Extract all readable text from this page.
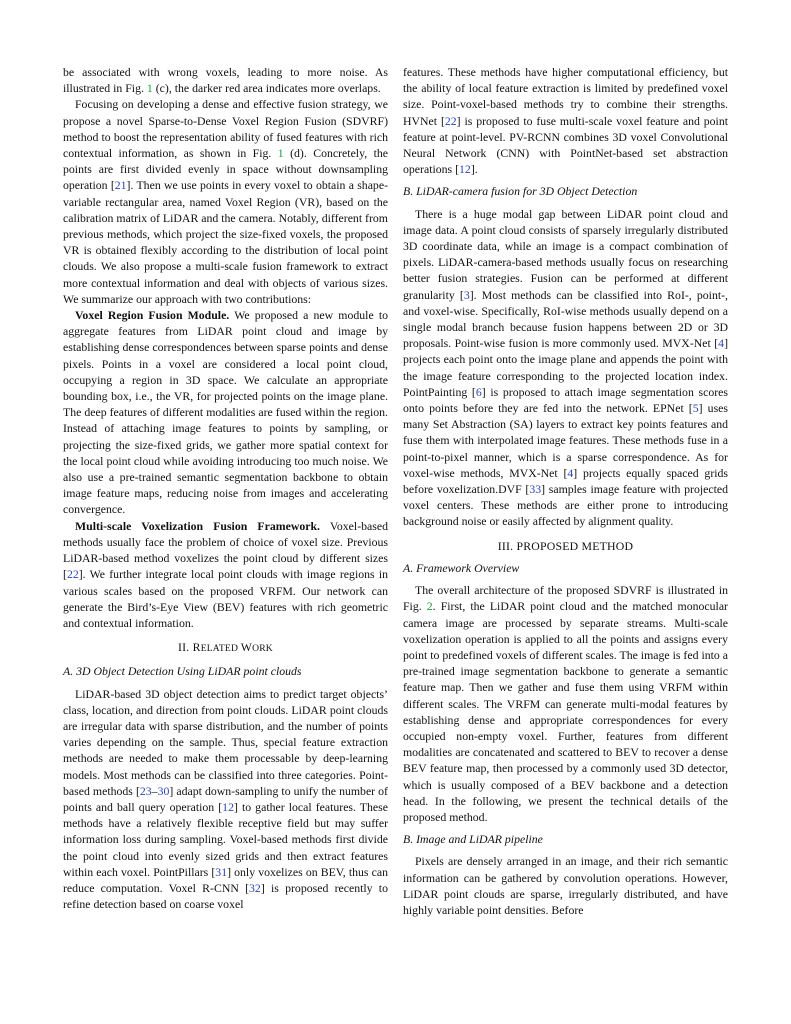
be associated with wrong voxels, leading to more noise. As illustrated in Fig. 1 (c), the darker red area indicates more overlaps.

Focusing on developing a dense and effective fusion strategy, we propose a novel Sparse-to-Dense Voxel Region Fusion (SDVRF) method to boost the representation ability of fused features with rich contextual information, as shown in Fig. 1 (d). Concretely, the points are first divided evenly in space without downsampling operation [21]. Then we use points in every voxel to obtain a shape-variable rectangular area, named Voxel Region (VR), based on the calibration matrix of LiDAR and the camera. Notably, different from previous methods, which project the size-fixed voxels, the proposed VR is obtained flexibly according to the distribution of local point clouds. We also propose a multi-scale fusion framework to extract more contextual information and deal with objects of various sizes. We summarize our approach with two contributions:

Voxel Region Fusion Module. We proposed a new module to aggregate features from LiDAR point cloud and image by establishing dense correspondences between sparse points and dense pixels. Points in a voxel are considered a local point cloud, occupying a region in 3D space. We calculate an appropriate bounding box, i.e., the VR, for projected points on the image plane. The deep features of different modalities are fused within the region. Instead of attaching image features to points by sampling, or projecting the size-fixed grids, we gather more spatial context for the local point cloud while avoiding introducing too much noise. We also use a pre-trained semantic segmentation backbone to obtain image feature maps, reducing noise from images and accelerating convergence.

Multi-scale Voxelization Fusion Framework. Voxel-based methods usually face the problem of choice of voxel size. Previous LiDAR-based method voxelizes the point cloud by different sizes [22]. We further integrate local point clouds with image regions in various scales based on the proposed VRFM. Our network can generate the Bird’s-Eye View (BEV) features with rich geometric and contextual information.

II. RELATED WORK
A. 3D Object Detection Using LiDAR point clouds

LiDAR-based 3D object detection aims to predict target objects’ class, location, and direction from point clouds. LiDAR point clouds are irregular data with sparse distribution, and the number of points varies depending on the sample. Thus, special feature extraction methods are needed to make them processable by deep-learning models. Most methods can be classified into three categories. Point-based methods [23–30] adapt down-sampling to unify the number of points and ball query operation [12] to gather local features. These methods have a relatively flexible receptive field but may suffer information loss during sampling. Voxel-based methods first divide the point cloud into evenly sized grids and then extract features within each voxel. PointPillars [31] only voxelizes on BEV, thus can reduce computation. Voxel R-CNN [32] is proposed recently to refine detection based on coarse voxel

features. These methods have higher computational efficiency, but the ability of local feature extraction is limited by predefined voxel size. Point-voxel-based methods try to combine their strengths. HVNet [22] is proposed to fuse multi-scale voxel feature and point feature at point-level. PV-RCNN combines 3D voxel Convolutional Neural Network (CNN) with PointNet-based set abstraction operations [12].

B. LiDAR-camera fusion for 3D Object Detection

There is a huge modal gap between LiDAR point cloud and image data. A point cloud consists of sparsely irregularly distributed 3D coordinate data, while an image is a compact combination of pixels. LiDAR-camera-based methods usually focus on researching better fusion strategies. Fusion can be performed at different granularity [3]. Most methods can be classified into RoI-, point-, and voxel-wise. Specifically, RoI-wise methods usually depend on a single modal branch because fusion happens between 2D or 3D proposals. Point-wise fusion is more commonly used. MVX-Net [4] projects each point onto the image plane and appends the point with the image feature corresponding to the projected location index. PointPainting [6] is proposed to attach image segmentation scores onto points before they are fed into the network. EPNet [5] uses many Set Abstraction (SA) layers to extract key points features and fuse them with interpolated image features. These methods fuse in a point-to-pixel manner, which is a sparse correspondence. As for voxel-wise methods, MVX-Net [4] projects equally spaced grids before voxelization.DVF [33] samples image feature with projected voxel centers. These methods are either prone to introducing background noise or easily affected by alignment quality.

III. PROPOSED METHOD
A. Framework Overview

The overall architecture of the proposed SDVRF is illustrated in Fig. 2. First, the LiDAR point cloud and the matched monocular camera image are processed by separate streams. Multi-scale voxelization operation is applied to all the points and assigns every point to predefined voxels of different scales. The image is fed into a pre-trained image segmentation backbone to generate a semantic feature map. Then we gather and fuse them using VRFM within different scales. The VRFM can generate multi-modal features by establishing dense and appropriate correspondences for every occupied non-empty voxel. Further, features from different modalities are concatenated and scattered to BEV to recover a dense BEV feature map, then processed by a commonly used 3D detector, which is usually composed of a BEV backbone and a detection head. In the following, we present the technical details of the proposed method.

B. Image and LiDAR pipeline

Pixels are densely arranged in an image, and their rich semantic information can be gathered by convolution operations. However, LiDAR point clouds are sparse, irregularly distributed, and have highly variable point densities. Before
